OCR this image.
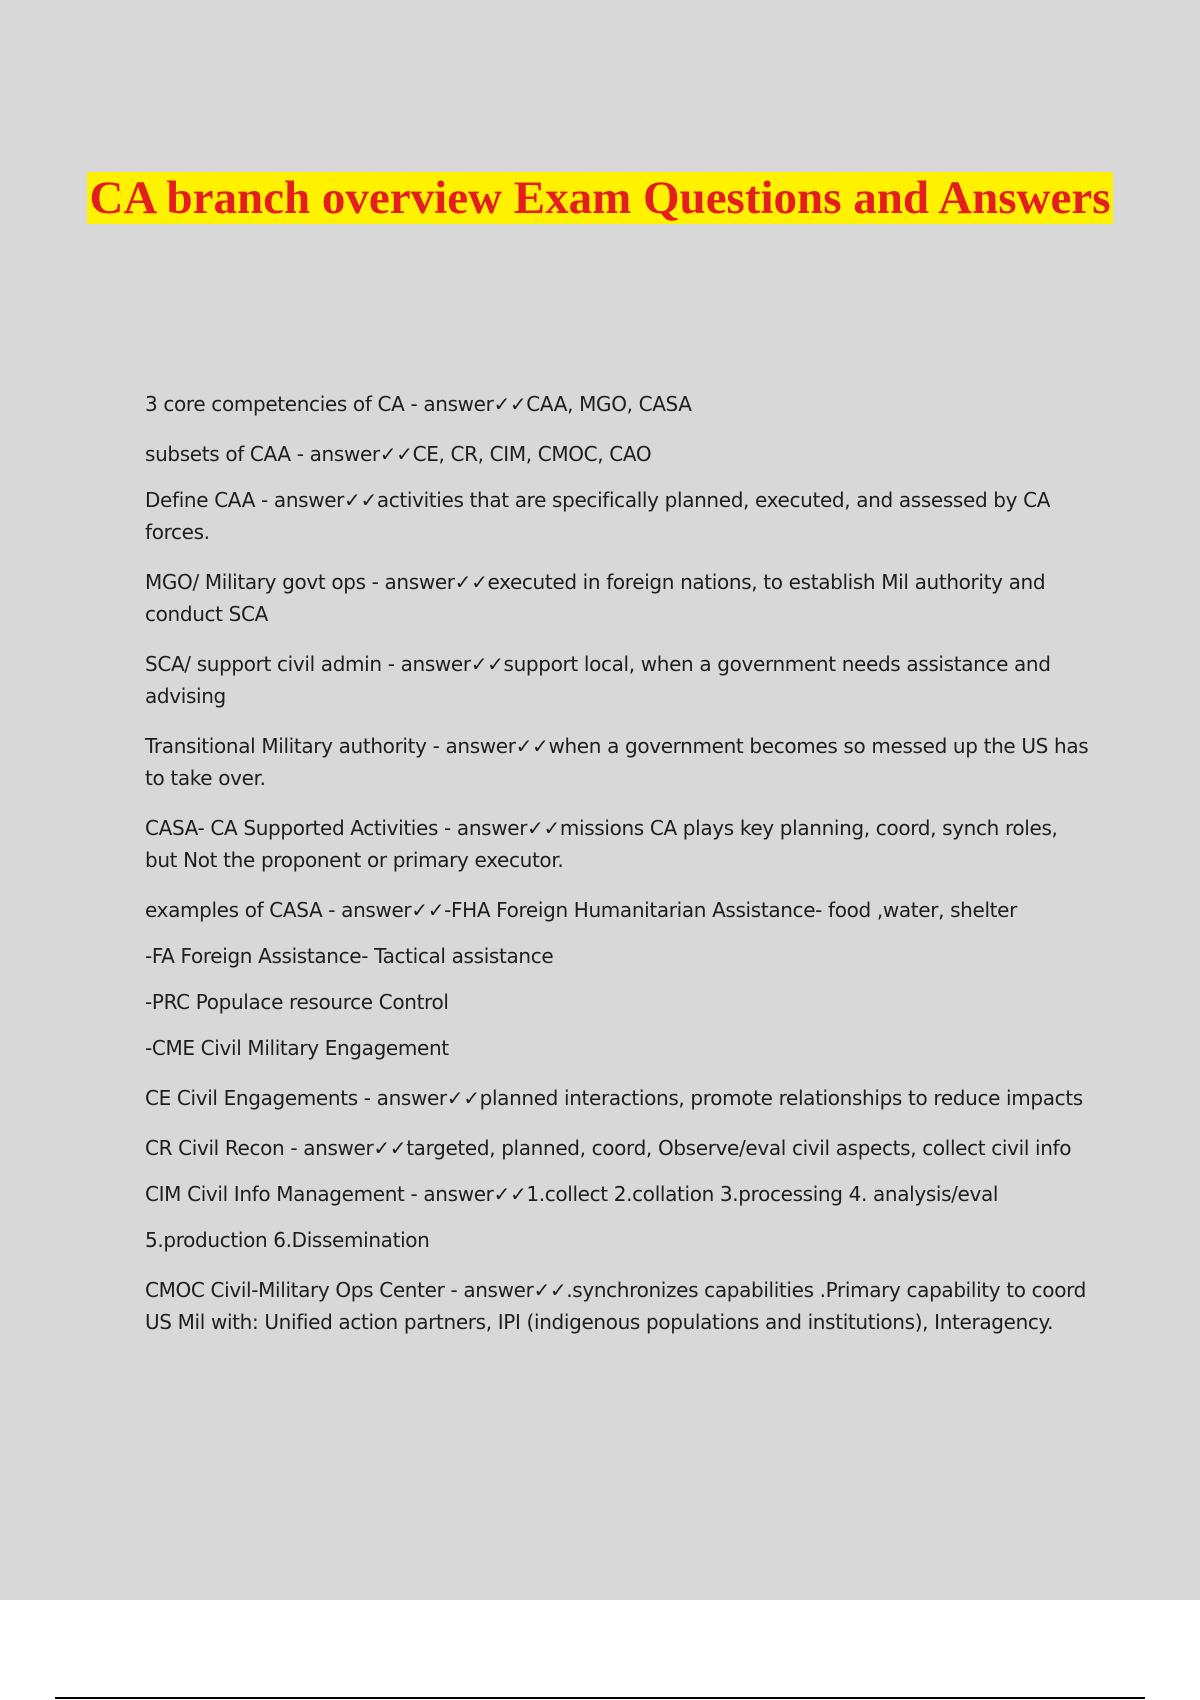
CA branch overview Exam Questions and Answers

3 core competencies of CA - answer✓✓CAA, MGO, CASA

subsets of CAA - answer✓✓CE, CR, CIM, CMOC, CAO

Define CAA - answer✓✓activities that are specifically planned, executed, and assessed by CA forces.

MGO/ Military govt ops - answer✓✓executed in foreign nations, to establish Mil authority and conduct SCA

SCA/ support civil admin - answer✓✓support local, when a government needs assistance and advising

Transitional Military authority - answer✓✓when a government becomes so messed up the US has to take over.

CASA- CA Supported Activities - answer✓✓missions CA plays key planning, coord, synch roles, but Not the proponent or primary executor.

examples of CASA - answer✓✓-FHA Foreign Humanitarian Assistance- food ,water, shelter

-FA Foreign Assistance- Tactical assistance

-PRC Populace resource Control

-CME Civil Military Engagement

CE Civil Engagements - answer✓✓planned interactions, promote relationships to reduce impacts

CR Civil Recon - answer✓✓targeted, planned, coord, Observe/eval civil aspects, collect civil info

CIM Civil Info Management - answer✓✓1.collect 2.collation 3.processing 4. analysis/eval

5.production 6.Dissemination

CMOC Civil-Military Ops Center - answer✓✓.synchronizes capabilities .Primary capability to coord US Mil with: Unified action partners, IPI (indigenous populations and institutions), Interagency.
